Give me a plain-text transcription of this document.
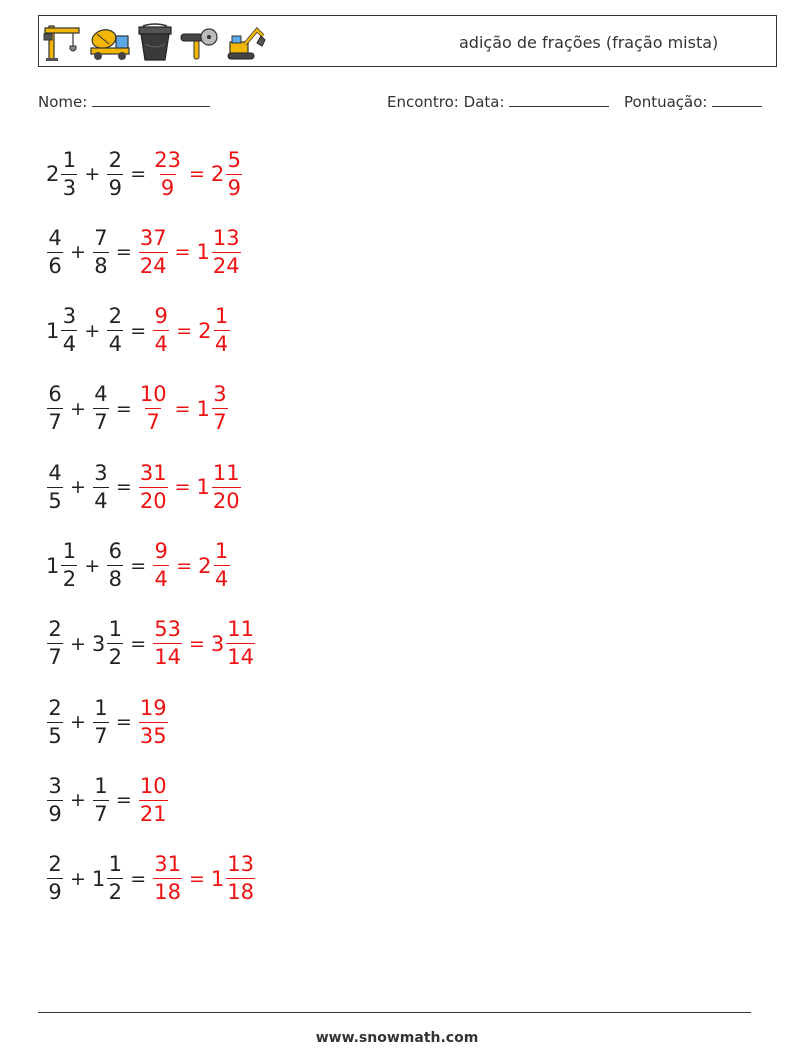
adição de frações (fração mista)
Nome:	Encontro: Data:	Pontuação:
$2 \frac{1}{3} + \frac{2}{9} = \frac{23}{9} = 2 \frac{5}{9}$
$\frac{4}{6} + \frac{7}{8} = \frac{37}{24} = 1 \frac{13}{24}$
$1 \frac{3}{4} + \frac{2}{4} = \frac{9}{4} = 2 \frac{1}{4}$
$\frac{6}{7} + \frac{4}{7} = \frac{10}{7} = 1 \frac{3}{7}$
$\frac{4}{5} + \frac{3}{4} = \frac{31}{20} = 1 \frac{11}{20}$
$1 \frac{1}{2} + \frac{6}{8} = \frac{9}{4} = 2 \frac{1}{4}$
$\frac{2}{7} + 3 \frac{1}{2} = \frac{53}{14} = 3 \frac{11}{14}$
$\frac{2}{5} + \frac{1}{7} = \frac{19}{35}$
$\frac{3}{9} + \frac{1}{7} = \frac{10}{21}$
$\frac{2}{9} + 1 \frac{1}{2} = \frac{31}{18} = 1 \frac{13}{18}$
www.snowmath.com
